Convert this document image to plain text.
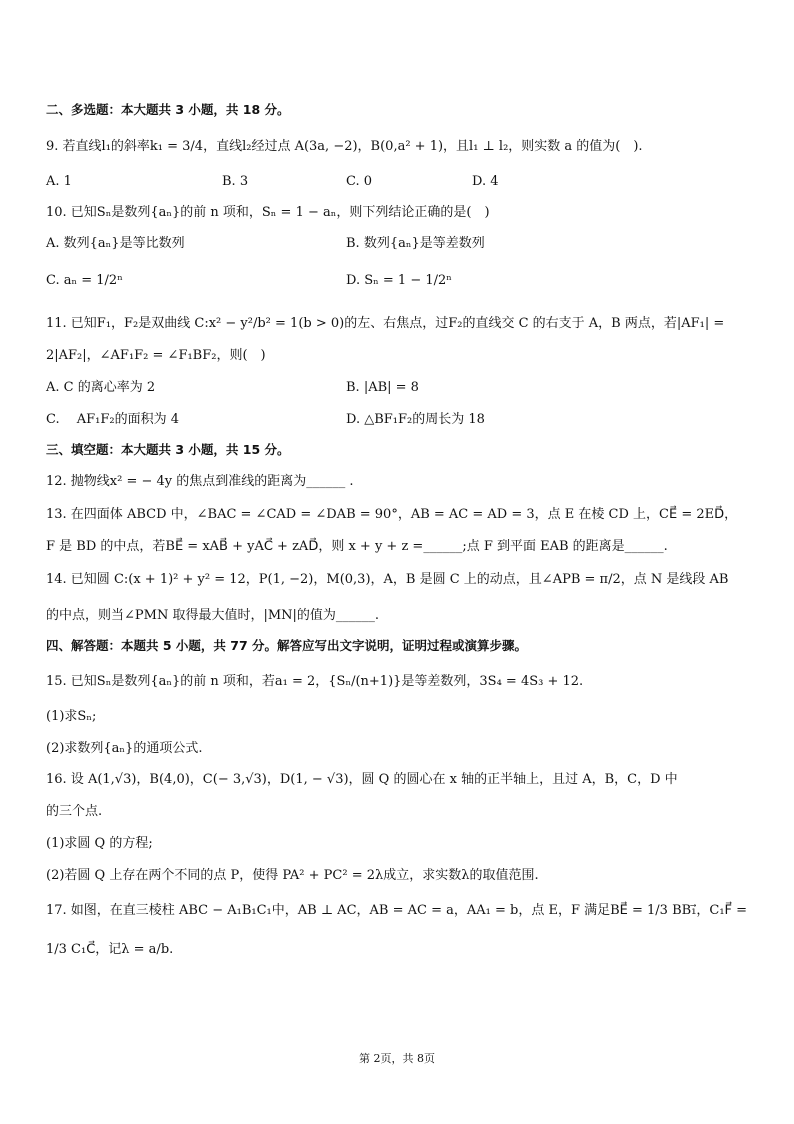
二、多选题：本大题共 3 小题，共 18 分。
9. 若直线l₁的斜率k₁ = 3/4，直线l₂经过点 A(3a, −2)，B(0,a² + 1)，且l₁ ⊥ l₂，则实数 a 的值为(　).
A. 1	B. 3	C. 0	D. 4
10. 已知Sₙ是数列{aₙ}的前 n 项和，Sₙ = 1 − aₙ，则下列结论正确的是(　)
A. 数列{aₙ}是等比数列	B. 数列{aₙ}是等差数列
C. aₙ = 1/2ⁿ	D. Sₙ = 1 − 1/2ⁿ
11. 已知F₁，F₂是双曲线 C:x² − y²/b² = 1(b > 0)的左、右焦点，过F₂的直线交 C 的右支于 A，B 两点，若|AF₁| =
2|AF₂|，∠AF₁F₂ = ∠F₁BF₂，则(　)
A. C 的离心率为 2	B. |AB| = 8
C. 　AF₁F₂的面积为 4	D. △BF₁F₂的周长为 18
三、填空题：本大题共 3 小题，共 15 分。
12. 抛物线x² = − 4y 的焦点到准线的距离为______ .
13. 在四面体 ABCD 中，∠BAC = ∠CAD = ∠DAB = 90°，AB = AC = AD = 3，点 E 在棱 CD 上，CE⃗ = 2ED⃗，
F 是 BD 的中点，若BE⃗ = xAB⃗ + yAC⃗ + zAD⃗，则 x + y + z =______;点 F 到平面 EAB 的距离是______.
14. 已知圆 C:(x + 1)² + y² = 12，P(1, −2)，M(0,3)，A，B 是圆 C 上的动点，且∠APB = π/2，点 N 是线段 AB
的中点，则当∠PMN 取得最大值时，|MN|的值为______.
四、解答题：本题共 5 小题，共 77 分。解答应写出文字说明，证明过程或演算步骤。
15. 已知Sₙ是数列{aₙ}的前 n 项和，若a₁ = 2，{Sₙ/(n+1)}是等差数列，3S₄ = 4S₃ + 12.
(1)求Sₙ;
(2)求数列{aₙ}的通项公式.
16. 设 A(1,√3)，B(4,0)，C(− 3,√3)，D(1, − √3)，圆 Q 的圆心在 x 轴的正半轴上，且过 A，B，C，D 中
的三个点.
(1)求圆 Q 的方程;
(2)若圆 Q 上存在两个不同的点 P，使得 PA² + PC² = 2λ成立，求实数λ的取值范围.
17. 如图，在直三棱柱 ABC − A₁B₁C₁中，AB ⊥ AC，AB = AC = a，AA₁ = b，点 E，F 满足BE⃗ = 1/3 BB₁⃗，C₁F⃗ =
1/3 C₁C⃗，记λ = a/b.
第 2页，共 8页
